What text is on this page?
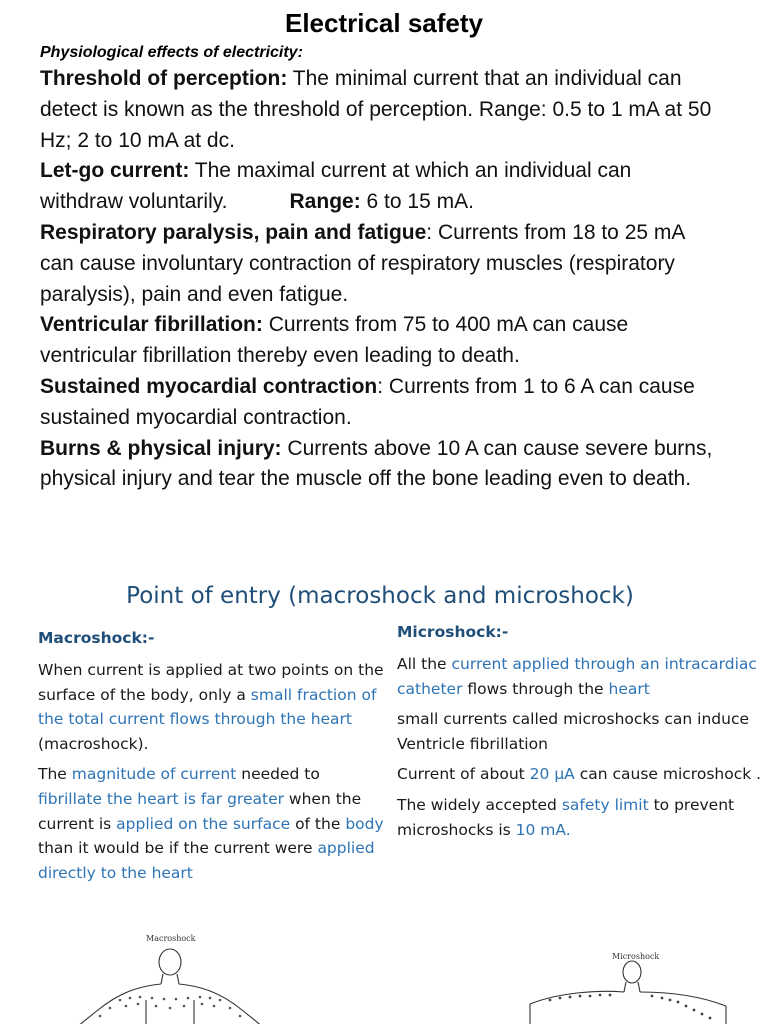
Electrical safety
Physiological effects of electricity:
Threshold of perception: The minimal current that an individual can detect is known as the threshold of perception. Range: 0.5 to 1 mA at 50 Hz; 2 to 10 mA at dc.
Let-go current: The maximal current at which an individual can withdraw voluntarily.	Range: 6 to 15 mA.
Respiratory paralysis, pain and fatigue: Currents from 18 to 25 mA can cause involuntary contraction of respiratory muscles (respiratory paralysis), pain and even fatigue.
Ventricular fibrillation: Currents from 75 to 400 mA can cause ventricular fibrillation thereby even leading to death.
Sustained myocardial contraction: Currents from 1 to 6 A can cause sustained myocardial contraction.
Burns & physical injury: Currents above 10 A can cause severe burns, physical injury and tear the muscle off the bone leading even to death.
Point of entry (macroshock and microshock)
Macroshock:-

When current is applied at two points on the surface of the body, only a small fraction of the total current flows through the heart (macroshock).

The magnitude of current needed to fibrillate the heart is far greater when the current is applied on the surface of the body than it would be if the current were applied directly to the heart

Microshock:-

All the current applied through an intracardiac catheter flows through the heart

small currents called microshocks can induce Ventricle fibrillation

Current of about 20 μA can cause microshock .

The widely accepted safety limit to prevent microshocks is 10 mA.

Macroshock
Microshock
